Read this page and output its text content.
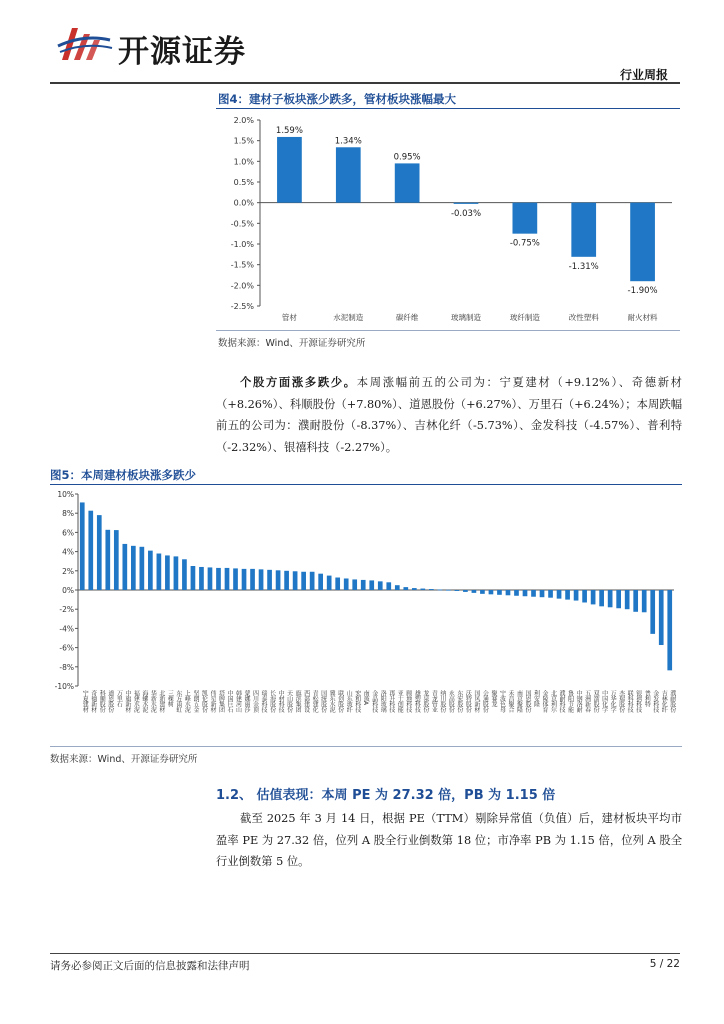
开源证券
行业周报
图4：建材子板块涨少跌多，管材板块涨幅最大
2.0%
1.5%
1.0%
0.5%
0.0%
-0.5%
-1.0%
-1.5%
-2.0%
-2.5%
1.59%
管材
1.34%
水泥制造
0.95%
碳纤维
-0.03%
玻璃制造
-0.75%
玻纤制造
-1.31%
改性塑料
-1.90%
耐火材料
数据来源：Wind、开源证券研究所
个股方面涨多跌少。本周涨幅前五的公司为：宁夏建材（+9.12%）、奇德新材（+8.26%）、科顺股份（+7.80%）、道恩股份（+6.27%）、万里石（+6.24%）；本周跌幅前五的公司为：濮耐股份（-8.37%）、吉林化纤（-5.73%）、金发科技（-4.57%）、普利特（-2.32%）、银禧科技（-2.27%）。
图5：本周建材板块涨多跌少
10%
8%
6%
4%
2%
0%
-2%
-4%
-6%
-8%
-10%
宁夏建材 奇德新材 科顺股份 道恩股份 万里石 中旗新材 福建水泥 海螺水泥 华新水泥 北新建材 三棵树 东方雨虹 上峰水泥 坚朗五金 凯伦股份 伟星新材 塔牌集团 中国巨石 韩建河山 蒙娜丽莎 四川金顶 瑞泰科技 长海股份 中材科技 天山股份 旗滨集团 西部建设 青松建化 国统股份 冀东水泥 联创股份 山东玻纤 宏和科技 南玻A 金晶科技 洛阳玻璃 再升科技 亚士创能 顾地科技 雄塑科技 龙泉股份 青龙管业 纳川股份 永高股份 东宏股份 沃特股份 国风新材 会通股份 聚赛龙 宁波色母 禾昌聚合 南京聚隆 国恩股份 利安隆 金陵体育 北京利尔 濮耐科技 鲁阳节能 中钢洛耐 五洲新春 双箭股份 中国化学 万华化学 杰瑞股份 联科科技 银禧科技 普利特 金发科技 吉林化纤 濮耐股份
数据来源：Wind、开源证券研究所
1.2、 估值表现：本周 PE 为 27.32 倍，PB 为 1.15 倍
截至 2025 年 3 月 14 日，根据 PE（TTM）剔除异常值（负值）后，建材板块平均市盈率 PE 为 27.32 倍，位列 A 股全行业倒数第 18 位；市净率 PB 为 1.15 倍，位列 A 股全行业倒数第 5 位。
请务必参阅正文后面的信息披露和法律声明	5 / 22
